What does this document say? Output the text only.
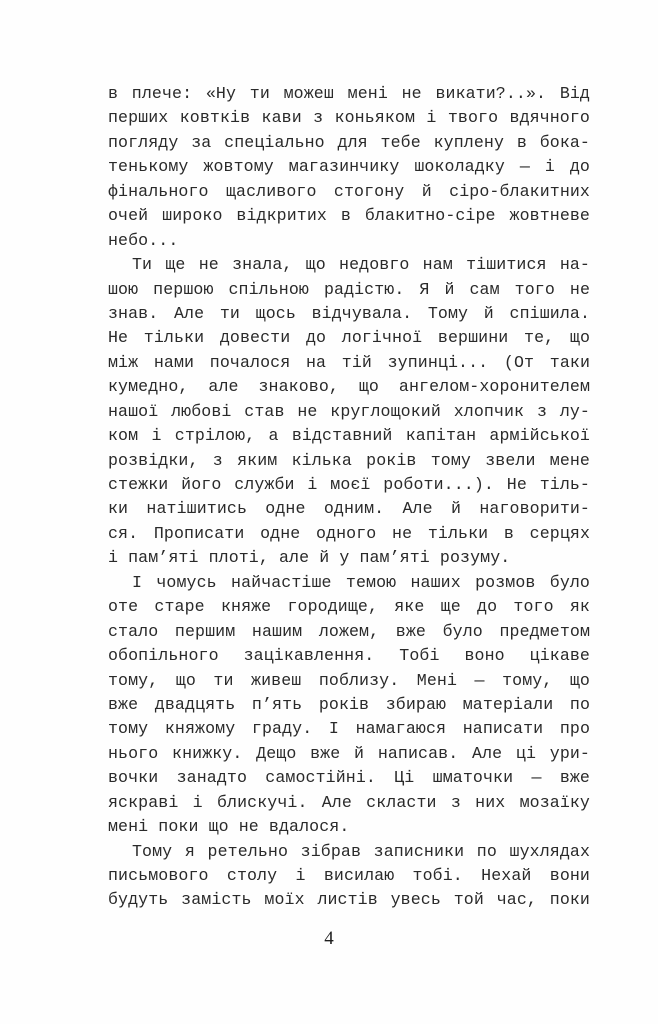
в плече: «Ну ти можеш мені не викати?..». Від
перших ковтків кави з коньяком і твого вдячного
погляду за спеціально для тебе куплену в бока-
тенькому жовтому магазинчику шоколадку — і до
фінального щасливого стогону й сіро-блакитних
очей широко відкритих в блакитно-сіре жовтневе
небо...
Ти ще не знала, що недовго нам тішитися на-
шою першою спільною радістю. Я й сам того не
знав. Але ти щось відчувала. Тому й спішила.
Не тільки довести до логічної вершини те, що
між нами почалося на тій зупинці... (От таки
кумедно, але знаково, що ангелом-хоронителем
нашої любові став не круглощокий хлопчик з лу-
ком і стрілою, а відставний капітан армійської
розвідки, з яким кілька років тому звели мене
стежки його служби і моєї роботи...). Не тіль-
ки натішитись одне одним. Але й наговорити-
ся. Прописати одне одного не тільки в серцях
і пам’яті плоті, але й у пам’яті розуму.
І чомусь найчастіше темою наших розмов було
оте старе княже городище, яке ще до того як
стало першим нашим ложем, вже було предметом
обопільного зацікавлення. Тобі воно цікаве
тому, що ти живеш поблизу. Мені — тому, що
вже двадцять п’ять років збираю матеріали по
тому княжому граду. І намагаюся написати про
нього книжку. Дещо вже й написав. Але ці ури-
вочки занадто самостійні. Ці шматочки — вже
яскраві і блискучі. Але скласти з них мозаїку
мені поки що не вдалося.
Тому я ретельно зібрав записники по шухлядах
письмового столу і висилаю тобі. Нехай вони
будуть замість моїх листів увесь той час, поки
4
